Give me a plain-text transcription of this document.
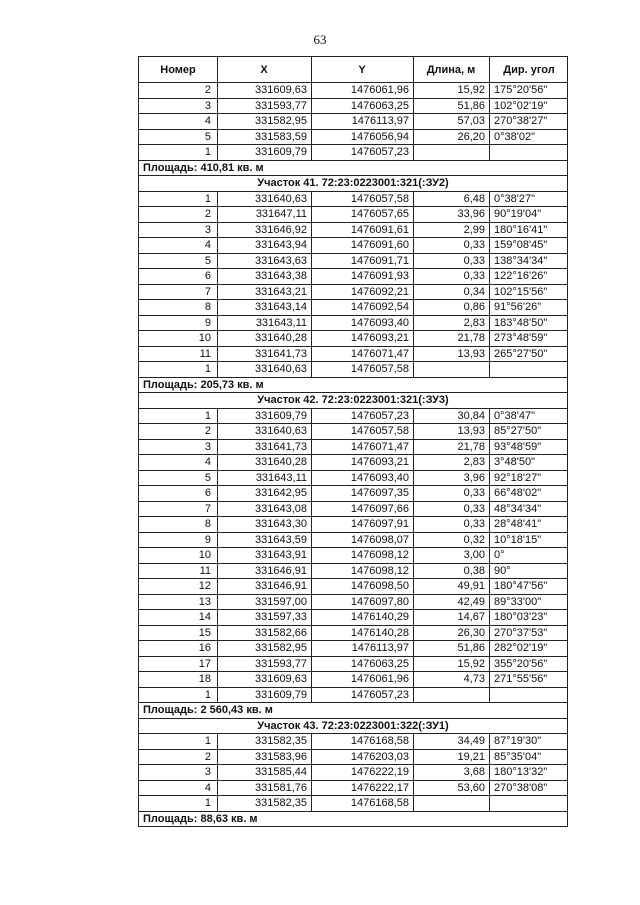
63
Номер	X	Y	Длина, м	Дир. угол
2	331609,63	1476061,96	15,92	175°20'56"
3	331593,77	1476063,25	51,86	102°02'19"
4	331582,95	1476113,97	57,03	270°38'27"
5	331583,59	1476056,94	26,20	0°38'02"
1	331609,79	1476057,23		
Площадь: 410,81 кв. м				
Участок 41. 72:23:0223001:321(:ЗУ2)				
1	331640,63	1476057,58	6,48	0°38'27"
2	331647,11	1476057,65	33,96	90°19'04"
3	331646,92	1476091,61	2,99	180°16'41"
4	331643,94	1476091,60	0,33	159°08'45"
5	331643,63	1476091,71	0,33	138°34'34"
6	331643,38	1476091,93	0,33	122°16'26"
7	331643,21	1476092,21	0,34	102°15'56"
8	331643,14	1476092,54	0,86	91°56'26"
9	331643,11	1476093,40	2,83	183°48'50"
10	331640,28	1476093,21	21,78	273°48'59"
11	331641,73	1476071,47	13,93	265°27'50"
1	331640,63	1476057,58		
Площадь: 205,73 кв. м				
Участок 42. 72:23:0223001:321(:ЗУ3)				
1	331609,79	1476057,23	30,84	0°38'47"
2	331640,63	1476057,58	13,93	85°27'50"
3	331641,73	1476071,47	21,78	93°48'59"
4	331640,28	1476093,21	2,83	3°48'50"
5	331643,11	1476093,40	3,96	92°18'27"
6	331642,95	1476097,35	0,33	66°48'02"
7	331643,08	1476097,66	0,33	48°34'34"
8	331643,30	1476097,91	0,33	28°48'41"
9	331643,59	1476098,07	0,32	10°18'15"
10	331643,91	1476098,12	3,00	0°
11	331646,91	1476098,12	0,38	90°
12	331646,91	1476098,50	49,91	180°47'56"
13	331597,00	1476097,80	42,49	89°33'00"
14	331597,33	1476140,29	14,67	180°03'23"
15	331582,66	1476140,28	26,30	270°37'53"
16	331582,95	1476113,97	51,86	282°02'19"
17	331593,77	1476063,25	15,92	355°20'56"
18	331609,63	1476061,96	4,73	271°55'56"
1	331609,79	1476057,23		
Площадь: 2 560,43 кв. м				
Участок 43. 72:23:0223001:322(:ЗУ1)				
1	331582,35	1476168,58	34,49	87°19'30"
2	331583,96	1476203,03	19,21	85°35'04"
3	331585,44	1476222,19	3,68	180°13'32"
4	331581,76	1476222,17	53,60	270°38'08"
1	331582,35	1476168,58		
Площадь: 88,63 кв. м				
